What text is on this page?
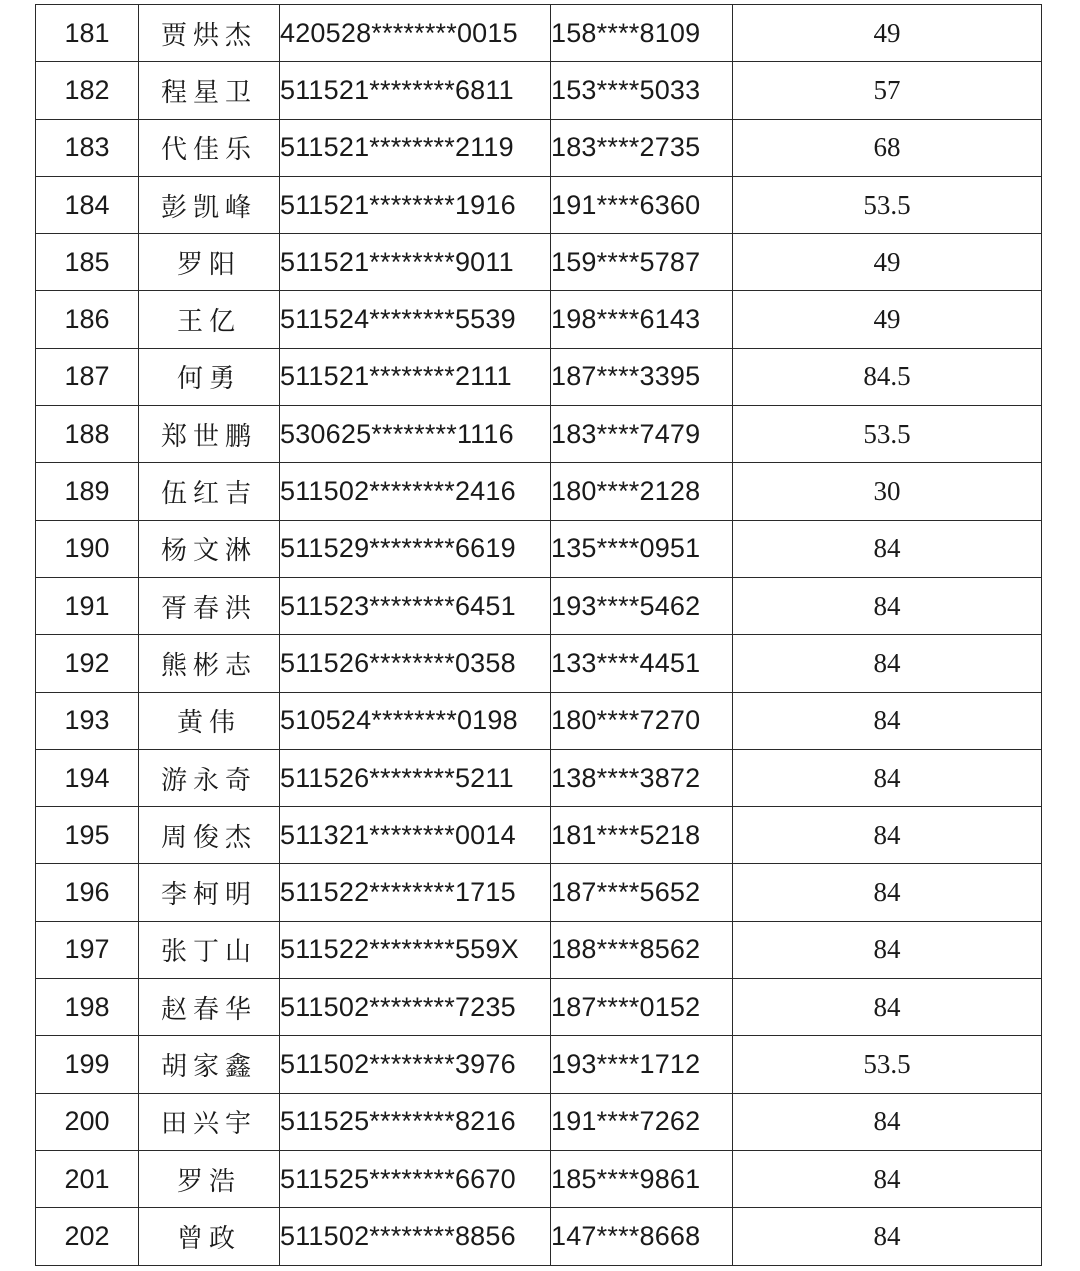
181	贾烘杰	420528********0015	158****8109	49
182	程星卫	511521********6811	153****5033	57
183	代佳乐	511521********2119	183****2735	68
184	彭凯峰	511521********1916	191****6360	53.5
185	罗阳	511521********9011	159****5787	49
186	王亿	511524********5539	198****6143	49
187	何勇	511521********2111	187****3395	84.5
188	郑世鹏	530625********1116	183****7479	53.5
189	伍红吉	511502********2416	180****2128	30
190	杨文淋	511529********6619	135****0951	84
191	胥春洪	511523********6451	193****5462	84
192	熊彬志	511526********0358	133****4451	84
193	黄伟	510524********0198	180****7270	84
194	游永奇	511526********5211	138****3872	84
195	周俊杰	511321********0014	181****5218	84
196	李柯明	511522********1715	187****5652	84
197	张丁山	511522********559X	188****8562	84
198	赵春华	511502********7235	187****0152	84
199	胡家鑫	511502********3976	193****1712	53.5
200	田兴宇	511525********8216	191****7262	84
201	罗浩	511525********6670	185****9861	84
202	曾政	511502********8856	147****8668	84
